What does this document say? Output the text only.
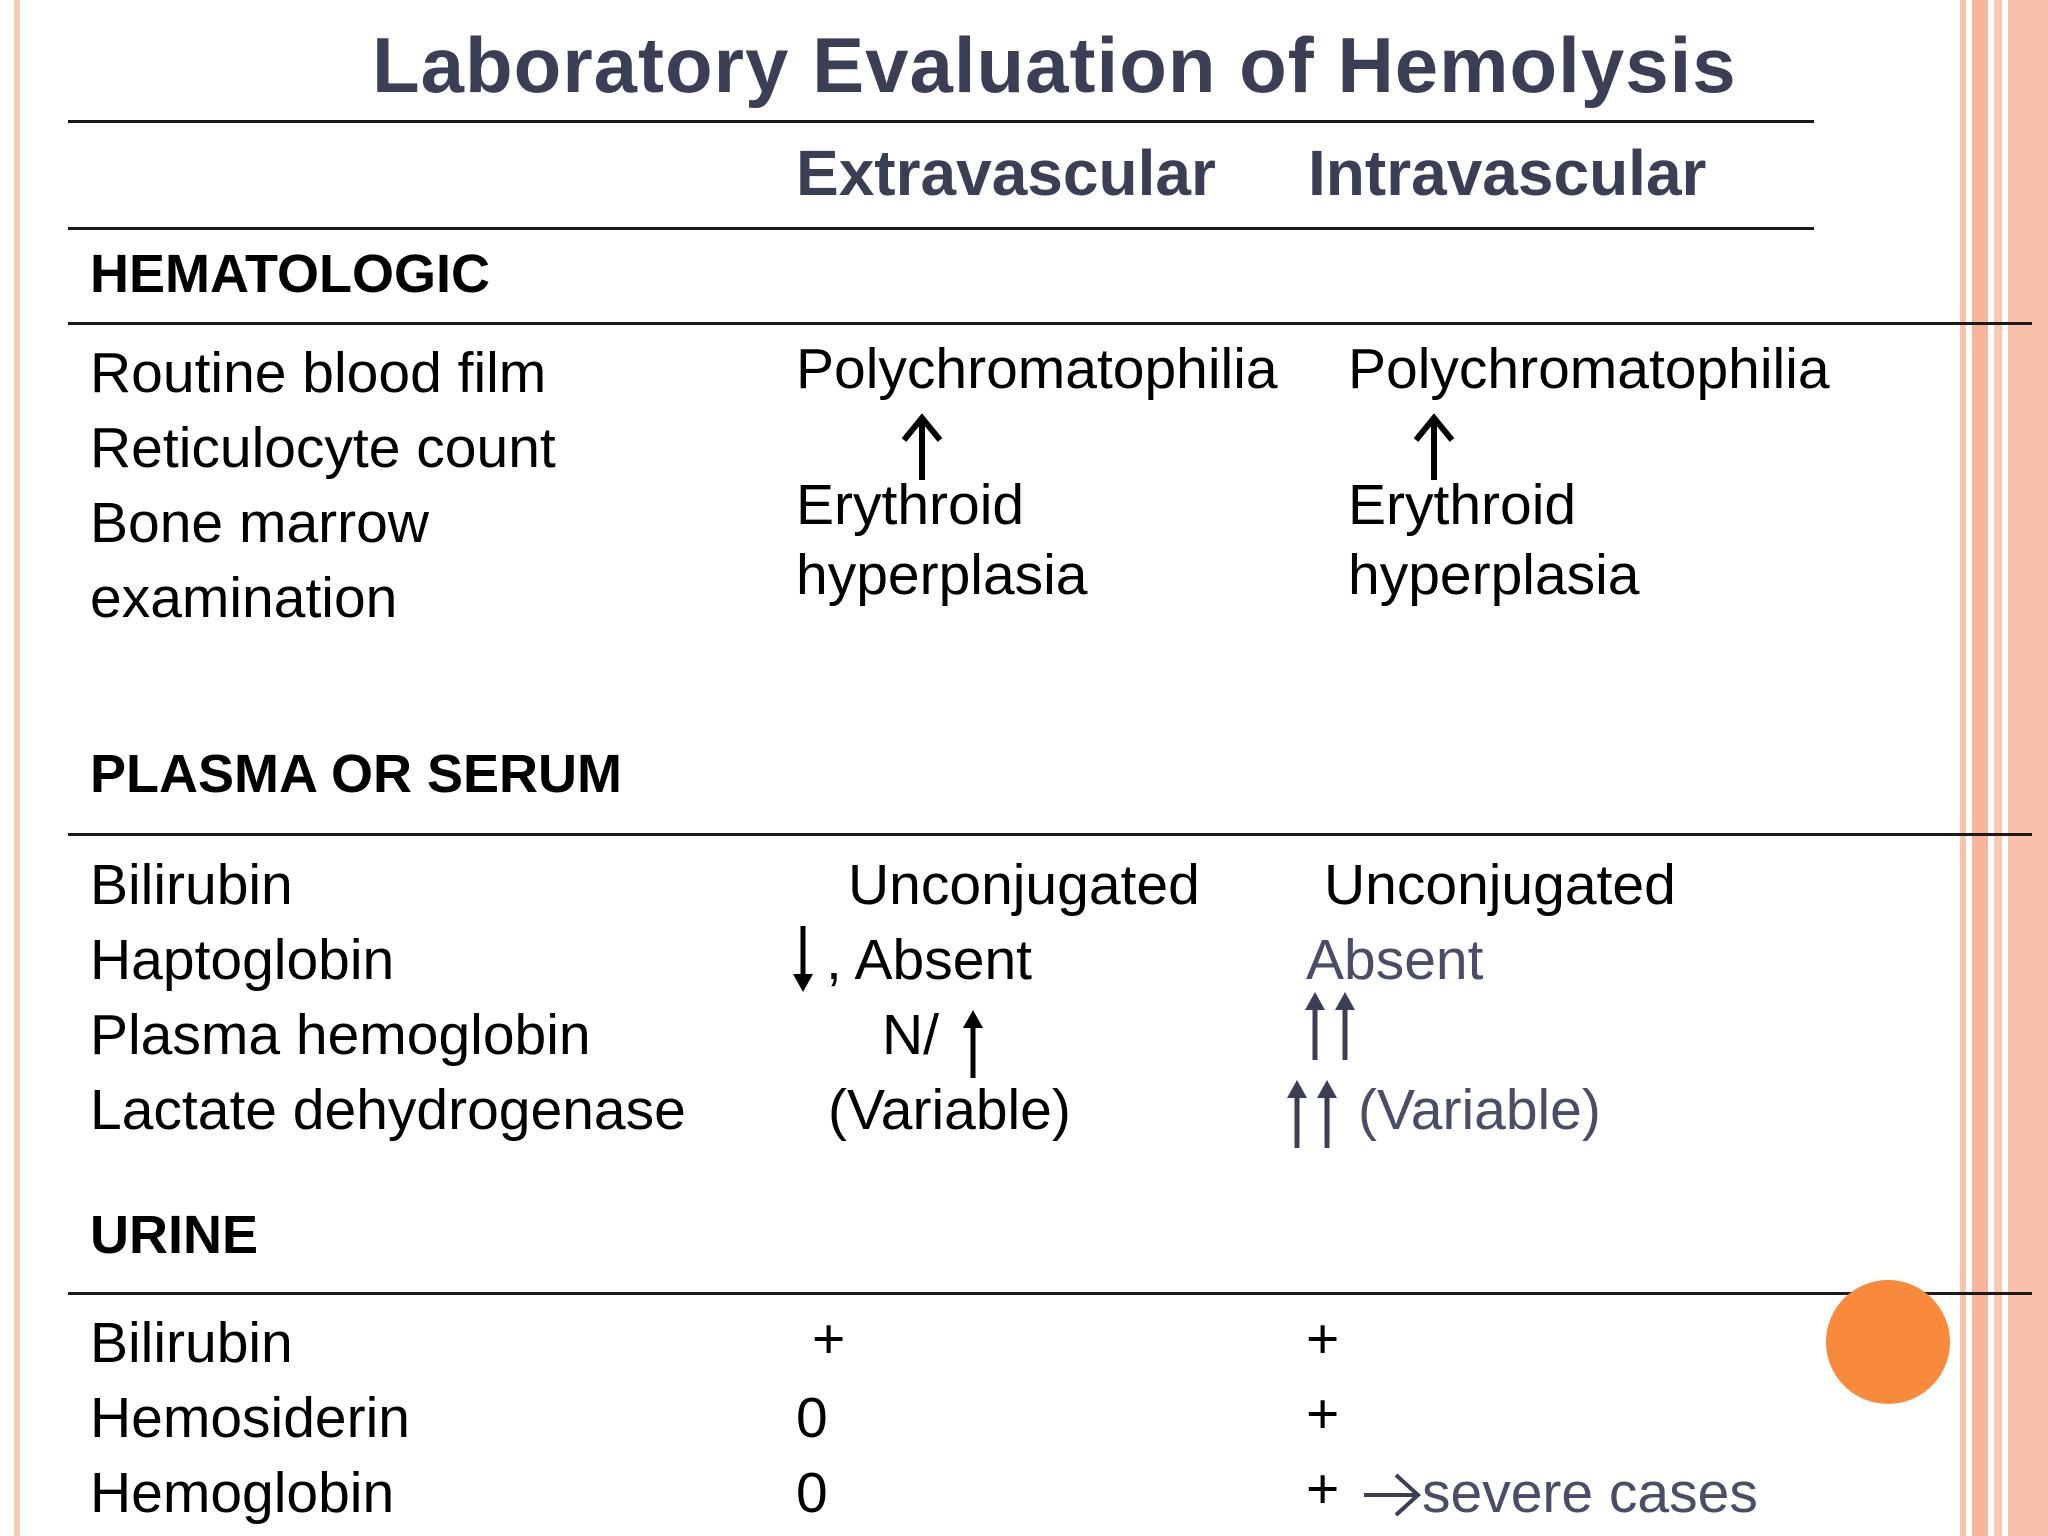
Laboratory Evaluation of Hemolysis
Extravascular Intravascular
HEMATOLOGIC
Routine blood film
Reticulocyte count
Bone marrow
examination
Polychromatophilia
Erythroid
hyperplasia
Polychromatophilia
Erythroid
hyperplasia
PLASMA OR SERUM
Bilirubin
Haptoglobin
Plasma hemoglobin
Lactate dehydrogenase
Unconjugated
, Absent
N/
(Variable)
Unconjugated
Absent
(Variable)
URINE
Bilirubin
Hemosiderin
Hemoglobin
+
0
0
+
+
+ severe cases
